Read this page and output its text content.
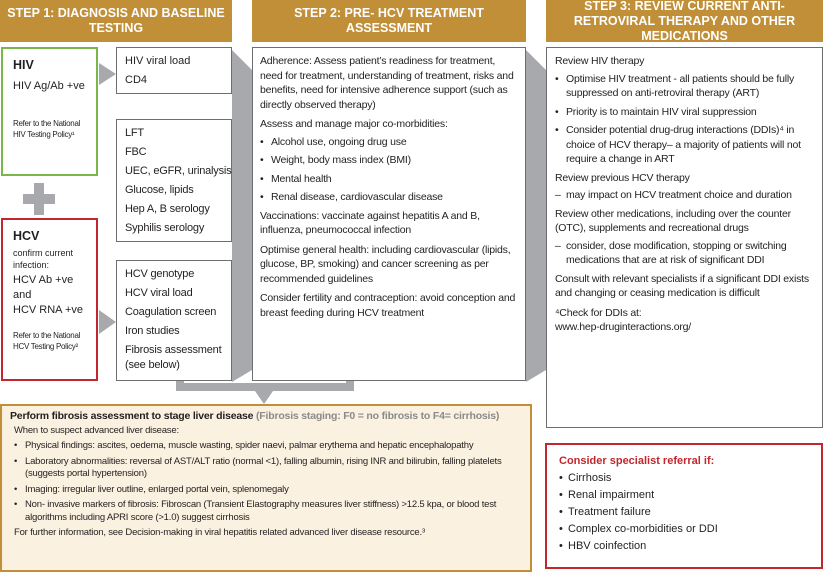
STEP 1: DIAGNOSIS AND BASELINE TESTING
STEP 2: PRE- HCV TREATMENT ASSESSMENT
STEP 3: REVIEW CURRENT ANTI- RETROVIRAL THERAPY AND OTHER MEDICATIONS
HIV
HIV Ag/Ab +ve
Refer to the National HIV Testing Policy¹
HCV
confirm current infection:
HCV Ab +ve
and
HCV RNA +ve
Refer to the National HCV Testing Policy²
HIV viral load
CD4
LFT
FBC
UEC, eGFR, urinalysis
Glucose, lipids
Hep A, B serology
Syphilis serology
HCV genotype
HCV viral load
Coagulation screen
Iron studies
Fibrosis assessment (see below)
Adherence: Assess patient’s readiness for treatment, need for treatment, understanding of treatment, risks and benefits, need for intensive adherence support (such as directly observed therapy)
Assess and manage major co-morbidities:
• Alcohol use, ongoing drug use
• Weight, body mass index (BMI)
• Mental health
• Renal disease, cardiovascular disease
Vaccinations: vaccinate against hepatitis A and B, influenza, pneumococcal infection
Optimise general health: including cardiovascular (lipids, glucose, BP, smoking) and cancer screening as per recommended guidelines
Consider fertility and contraception: avoid conception and breast feeding during HCV treatment
Review HIV therapy
• Optimise HIV treatment - all patients should be fully suppressed on anti-retroviral therapy (ART)
• Priority is to maintain HIV viral suppression
• Consider potential drug-drug interactions (DDIs)⁴ in choice of HCV therapy– a majority of patients will not require a change in ART
Review previous HCV therapy
– may impact on HCV treatment choice and duration
Review other medications, including over the counter (OTC), supplements and recreational drugs
– consider, dose modification, stopping or switching medications that are at risk of significant DDI
Consult with relevant specialists if a significant DDI exists and changing or ceasing medication is difficult
⁴Check for DDIs at:
www.hep-druginteractions.org/
Perform fibrosis assessment to stage liver disease (Fibrosis staging: F0 = no fibrosis to F4= cirrhosis)
When to suspect advanced liver disease:
• Physical findings: ascites, oedema, muscle wasting, spider naevi, palmar erythema and hepatic encephalopathy
• Laboratory abnormalities: reversal of AST/ALT ratio (normal <1), falling albumin, rising INR and bilirubin, falling platelets (suggests portal hypertension)
• Imaging: irregular liver outline, enlarged portal vein, splenomegaly
• Non- invasive markers of fibrosis: Fibroscan (Transient Elastography measures liver stiffness) >12.5 kpa, or blood test algorithms including APRI score (>1.0) suggest cirrhosis
For further information, see Decision-making in viral hepatitis related advanced liver disease resource.³
Consider specialist referral if:
• Cirrhosis
• Renal impairment
• Treatment failure
• Complex co-morbidities or DDI
• HBV coinfection
